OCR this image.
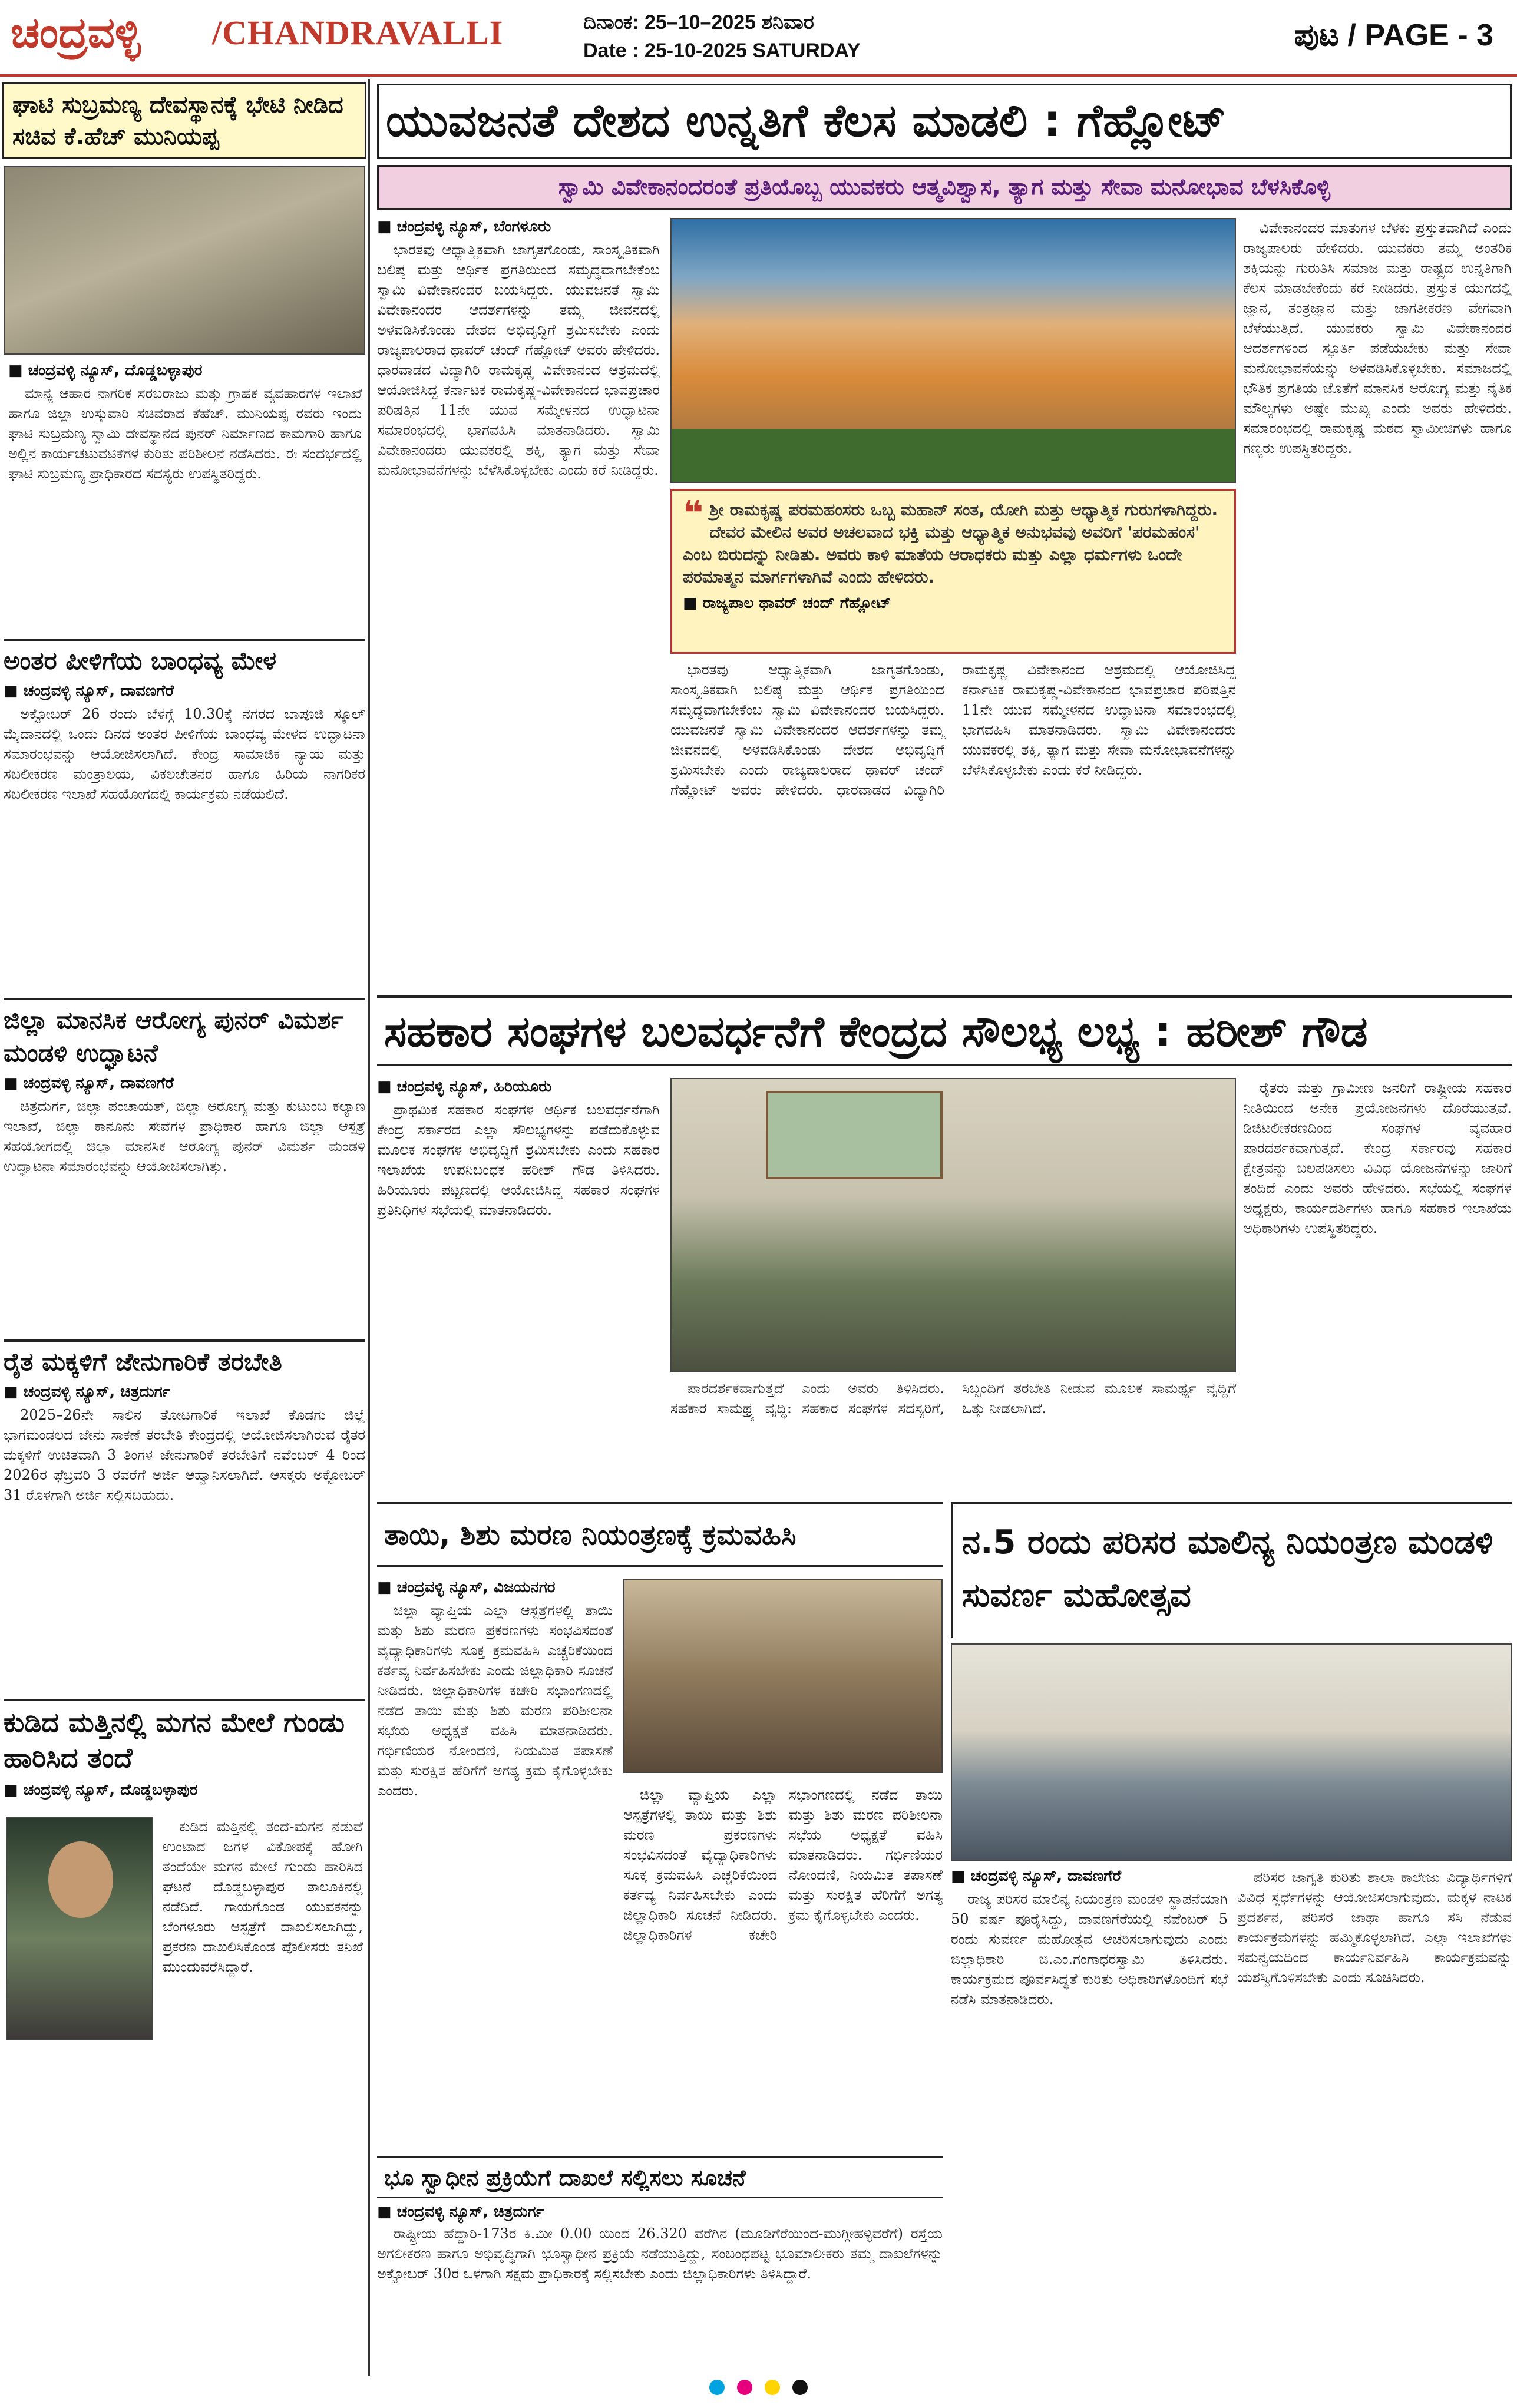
ಚಂದ್ರವಳ್ಳಿ /CHANDRAVALLI	ದಿನಾಂಕ: 25–10–2025 ಶನಿವಾರ
Date : 25-10-2025 SATURDAY	ಪುಟ / PAGE - 3
ಘಾಟಿ ಸುಬ್ರಮಣ್ಯ ದೇವಸ್ಥಾನಕ್ಕೆ ಭೇಟಿ ನೀಡಿದ ಸಚಿವ ಕೆ.ಹೆಚ್ ಮುನಿಯಪ್ಪ
■ ಚಂದ್ರವಳ್ಳಿ ನ್ಯೂಸ್, ದೊಡ್ಡಬಳ್ಳಾಪುರ

ಮಾನ್ಯ ಆಹಾರ ನಾಗರಿಕ ಸರಬರಾಜು ಮತ್ತು ಗ್ರಾಹಕ ವ್ಯವಹಾರಗಳ ಇಲಾಖೆ ಹಾಗೂ ಜಿಲ್ಲಾ ಉಸ್ತುವಾರಿ ಸಚಿವರಾದ ಕೆಹೆಚ್. ಮುನಿಯಪ್ಪ ರವರು ಇಂದು ಘಾಟಿ ಸುಬ್ರಮಣ್ಯ ಸ್ವಾಮಿ ದೇವಸ್ಥಾನದ ಪುನರ್ ನಿರ್ಮಾಣದ ಕಾಮಗಾರಿ ಹಾಗೂ ಅಲ್ಲಿನ ಕಾರ್ಯಚಟುವಟಿಕೆಗಳ ಕುರಿತು ಪರಿಶೀಲನೆ ನಡೆಸಿದರು. ಈ ಸಂದರ್ಭದಲ್ಲಿ ಘಾಟಿ ಸುಬ್ರಮಣ್ಯ ಪ್ರಾಧಿಕಾರದ ಸದಸ್ಯರು ಉಪಸ್ಥಿತರಿದ್ದರು.

ಅಂತರ ಪೀಳಿಗೆಯ ಬಾಂಧವ್ಯ ಮೇಳ
■ ಚಂದ್ರವಳ್ಳಿ ನ್ಯೂಸ್, ದಾವಣಗೆರೆ

ಅಕ್ಟೋಬರ್ 26 ರಂದು ಬೆಳಗ್ಗೆ 10.30ಕ್ಕೆ ನಗರದ ಬಾಪೂಜಿ ಸ್ಕೂಲ್ ಮೈದಾನದಲ್ಲಿ ಒಂದು ದಿನದ ಅಂತರ ಪೀಳಿಗೆಯ ಬಾಂಧವ್ಯ ಮೇಳದ ಉದ್ಘಾಟನಾ ಸಮಾರಂಭವನ್ನು ಆಯೋಜಿಸಲಾಗಿದೆ. ಕೇಂದ್ರ ಸಾಮಾಜಿಕ ನ್ಯಾಯ ಮತ್ತು ಸಬಲೀಕರಣ ಮಂತ್ರಾಲಯ, ವಿಕಲಚೇತನರ ಹಾಗೂ ಹಿರಿಯ ನಾಗರಿಕರ ಸಬಲೀಕರಣ ಇಲಾಖೆ ಸಹಯೋಗದಲ್ಲಿ ಕಾರ್ಯಕ್ರಮ ನಡೆಯಲಿದೆ.

ಜಿಲ್ಲಾ ಮಾನಸಿಕ ಆರೋಗ್ಯ ಪುನರ್ ವಿಮರ್ಶ ಮಂಡಳಿ ಉದ್ಘಾಟನೆ
■ ಚಂದ್ರವಳ್ಳಿ ನ್ಯೂಸ್, ದಾವಣಗೆರೆ

ಚಿತ್ರದುರ್ಗ, ಜಿಲ್ಲಾ ಪಂಚಾಯತ್, ಜಿಲ್ಲಾ ಆರೋಗ್ಯ ಮತ್ತು ಕುಟುಂಬ ಕಲ್ಯಾಣ ಇಲಾಖೆ, ಜಿಲ್ಲಾ ಕಾನೂನು ಸೇವೆಗಳ ಪ್ರಾಧಿಕಾರ ಹಾಗೂ ಜಿಲ್ಲಾ ಆಸ್ಪತ್ರೆ ಸಹಯೋಗದಲ್ಲಿ ಜಿಲ್ಲಾ ಮಾನಸಿಕ ಆರೋಗ್ಯ ಪುನರ್ ವಿಮರ್ಶ ಮಂಡಳಿ ಉದ್ಘಾಟನಾ ಸಮಾರಂಭವನ್ನು ಆಯೋಜಿಸಲಾಗಿತ್ತು.

ರೈತ ಮಕ್ಕಳಿಗೆ ಜೇನುಗಾರಿಕೆ ತರಬೇತಿ
■ ಚಂದ್ರವಳ್ಳಿ ನ್ಯೂಸ್, ಚಿತ್ರದುರ್ಗ

2025–26ನೇ ಸಾಲಿನ ತೋಟಗಾರಿಕೆ ಇಲಾಖೆ ಕೊಡಗು ಜಿಲ್ಲೆ ಭಾಗಮಂಡಲದ ಜೇನು ಸಾಕಣೆ ತರಬೇತಿ ಕೇಂದ್ರದಲ್ಲಿ ಆಯೋಜಿಸಲಾಗಿರುವ ರೈತರ ಮಕ್ಕಳಿಗೆ ಉಚಿತವಾಗಿ 3 ತಿಂಗಳ ಜೇನುಗಾರಿಕೆ ತರಬೇತಿಗೆ ನವೆಂಬರ್ 4 ರಿಂದ 2026ರ ಫೆಬ್ರವರಿ 3 ರವರೆಗೆ ಅರ್ಜಿ ಆಹ್ವಾನಿಸಲಾಗಿದೆ. ಆಸಕ್ತರು ಅಕ್ಟೋಬರ್ 31 ರೊಳಗಾಗಿ ಅರ್ಜಿ ಸಲ್ಲಿಸಬಹುದು.

ಕುಡಿದ ಮತ್ತಿನಲ್ಲಿ ಮಗನ ಮೇಲೆ ಗುಂಡು ಹಾರಿಸಿದ ತಂದೆ
■ ಚಂದ್ರವಳ್ಳಿ ನ್ಯೂಸ್, ದೊಡ್ಡಬಳ್ಳಾಪುರ

ಕುಡಿದ ಮತ್ತಿನಲ್ಲಿ ತಂದೆ-ಮಗನ ನಡುವೆ ಉಂಟಾದ ಜಗಳ ವಿಕೋಪಕ್ಕೆ ಹೋಗಿ ತಂದೆಯೇ ಮಗನ ಮೇಲೆ ಗುಂಡು ಹಾರಿಸಿದ ಘಟನೆ ದೊಡ್ಡಬಳ್ಳಾಪುರ ತಾಲೂಕಿನಲ್ಲಿ ನಡೆದಿದೆ. ಗಾಯಗೊಂಡ ಯುವಕನನ್ನು ಬೆಂಗಳೂರು ಆಸ್ಪತ್ರೆಗೆ ದಾಖಲಿಸಲಾಗಿದ್ದು, ಪ್ರಕರಣ ದಾಖಲಿಸಿಕೊಂಡ ಪೊಲೀಸರು ತನಿಖೆ ಮುಂದುವರೆಸಿದ್ದಾರೆ.

ಯುವಜನತೆ ದೇಶದ ಉನ್ನತಿಗೆ ಕೆಲಸ ಮಾಡಲಿ : ಗೆಹ್ಲೋಟ್
ಸ್ವಾಮಿ ವಿವೇಕಾನಂದರಂತೆ ಪ್ರತಿಯೊಬ್ಬ ಯುವಕರು ಆತ್ಮವಿಶ್ವಾಸ, ತ್ಯಾಗ ಮತ್ತು ಸೇವಾ ಮನೋಭಾವ ಬೆಳಸಿಕೊಳ್ಳಿ
■ ಚಂದ್ರವಳ್ಳಿ ನ್ಯೂಸ್, ಬೆಂಗಳೂರು

ಭಾರತವು ಆಧ್ಯಾತ್ಮಿಕವಾಗಿ ಜಾಗೃತಗೊಂಡು, ಸಾಂಸ್ಕೃತಿಕವಾಗಿ ಬಲಿಷ್ಠ ಮತ್ತು ಆರ್ಥಿಕ ಪ್ರಗತಿಯಿಂದ ಸಮೃದ್ಧವಾಗಬೇಕೆಂಬ ಸ್ವಾಮಿ ವಿವೇಕಾನಂದರ ಬಯಸಿದ್ದರು. ಯುವಜನತೆ ಸ್ವಾಮಿ ವಿವೇಕಾನಂದರ ಆದರ್ಶಗಳನ್ನು ತಮ್ಮ ಜೀವನದಲ್ಲಿ ಅಳವಡಿಸಿಕೊಂಡು ದೇಶದ ಅಭಿವೃದ್ಧಿಗೆ ಶ್ರಮಿಸಬೇಕು ಎಂದು ರಾಜ್ಯಪಾಲರಾದ ಥಾವರ್ ಚಂದ್ ಗೆಹ್ಲೋಟ್ ಅವರು ಹೇಳಿದರು. ಧಾರವಾಡದ ವಿದ್ಯಾಗಿರಿ ರಾಮಕೃಷ್ಣ ವಿವೇಕಾನಂದ ಆಶ್ರಮದಲ್ಲಿ ಆಯೋಜಿಸಿದ್ದ ಕರ್ನಾಟಕ ರಾಮಕೃಷ್ಣ-ವಿವೇಕಾನಂದ ಭಾವಪ್ರಚಾರ ಪರಿಷತ್ತಿನ 11ನೇ ಯುವ ಸಮ್ಮೇಳನದ ಉದ್ಘಾಟನಾ ಸಮಾರಂಭದಲ್ಲಿ ಭಾಗವಹಿಸಿ ಮಾತನಾಡಿದರು. ಸ್ವಾಮಿ ವಿವೇಕಾನಂದರು ಯುವಕರಲ್ಲಿ ಶಕ್ತಿ, ತ್ಯಾಗ ಮತ್ತು ಸೇವಾ ಮನೋಭಾವನೆಗಳನ್ನು ಬೆಳೆಸಿಕೊಳ್ಳಬೇಕು ಎಂದು ಕರೆ ನೀಡಿದ್ದರು.

❝ ಶ್ರೀ ರಾಮಕೃಷ್ಣ ಪರಮಹಂಸರು ಒಬ್ಬ ಮಹಾನ್ ಸಂತ, ಯೋಗಿ ಮತ್ತು ಆಧ್ಯಾತ್ಮಿಕ ಗುರುಗಳಾಗಿದ್ದರು. ದೇವರ ಮೇಲಿನ ಅವರ ಅಚಲವಾದ ಭಕ್ತಿ ಮತ್ತು ಆಧ್ಯಾತ್ಮಿಕ ಅನುಭವವು ಅವರಿಗೆ 'ಪರಮಹಂಸ' ಎಂಬ ಬಿರುದನ್ನು ನೀಡಿತು. ಅವರು ಕಾಳಿ ಮಾತೆಯ ಆರಾಧಕರು ಮತ್ತು ಎಲ್ಲಾ ಧರ್ಮಗಳು ಒಂದೇ ಪರಮಾತ್ಮನ ಮಾರ್ಗಗಳಾಗಿವೆ ಎಂದು ಹೇಳಿದರು.
■ ರಾಜ್ಯಪಾಲ ಥಾವರ್ ಚಂದ್ ಗೆಹ್ಲೋಟ್

ಭಾರತವು ಆಧ್ಯಾತ್ಮಿಕವಾಗಿ ಜಾಗೃತಗೊಂಡು, ಸಾಂಸ್ಕೃತಿಕವಾಗಿ ಬಲಿಷ್ಠ ಮತ್ತು ಆರ್ಥಿಕ ಪ್ರಗತಿಯಿಂದ ಸಮೃದ್ಧವಾಗಬೇಕೆಂಬ ಸ್ವಾಮಿ ವಿವೇಕಾನಂದರ ಬಯಸಿದ್ದರು. ಯುವಜನತೆ ಸ್ವಾಮಿ ವಿವೇಕಾನಂದರ ಆದರ್ಶಗಳನ್ನು ತಮ್ಮ ಜೀವನದಲ್ಲಿ ಅಳವಡಿಸಿಕೊಂಡು ದೇಶದ ಅಭಿವೃದ್ಧಿಗೆ ಶ್ರಮಿಸಬೇಕು ಎಂದು ರಾಜ್ಯಪಾಲರಾದ ಥಾವರ್ ಚಂದ್ ಗೆಹ್ಲೋಟ್ ಅವರು ಹೇಳಿದರು. ಧಾರವಾಡದ ವಿದ್ಯಾಗಿರಿ ರಾಮಕೃಷ್ಣ ವಿವೇಕಾನಂದ ಆಶ್ರಮದಲ್ಲಿ ಆಯೋಜಿಸಿದ್ದ ಕರ್ನಾಟಕ ರಾಮಕೃಷ್ಣ-ವಿವೇಕಾನಂದ ಭಾವಪ್ರಚಾರ ಪರಿಷತ್ತಿನ 11ನೇ ಯುವ ಸಮ್ಮೇಳನದ ಉದ್ಘಾಟನಾ ಸಮಾರಂಭದಲ್ಲಿ ಭಾಗವಹಿಸಿ ಮಾತನಾಡಿದರು. ಸ್ವಾಮಿ ವಿವೇಕಾನಂದರು ಯುವಕರಲ್ಲಿ ಶಕ್ತಿ, ತ್ಯಾಗ ಮತ್ತು ಸೇವಾ ಮನೋಭಾವನೆಗಳನ್ನು ಬೆಳೆಸಿಕೊಳ್ಳಬೇಕು ಎಂದು ಕರೆ ನೀಡಿದ್ದರು.

ವಿವೇಕಾನಂದರ ಮಾತುಗಳ ಬೆಳಕು ಪ್ರಸ್ತುತವಾಗಿದೆ ಎಂದು ರಾಜ್ಯಪಾಲರು ಹೇಳಿದರು. ಯುವಕರು ತಮ್ಮ ಅಂತರಿಕ ಶಕ್ತಿಯನ್ನು ಗುರುತಿಸಿ ಸಮಾಜ ಮತ್ತು ರಾಷ್ಟ್ರದ ಉನ್ನತಿಗಾಗಿ ಕೆಲಸ ಮಾಡಬೇಕೆಂದು ಕರೆ ನೀಡಿದರು. ಪ್ರಸ್ತುತ ಯುಗದಲ್ಲಿ ಜ್ಞಾನ, ತಂತ್ರಜ್ಞಾನ ಮತ್ತು ಜಾಗತೀಕರಣ ವೇಗವಾಗಿ ಬೆಳೆಯುತ್ತಿದೆ. ಯುವಕರು ಸ್ವಾಮಿ ವಿವೇಕಾನಂದರ ಆದರ್ಶಗಳಿಂದ ಸ್ಫೂರ್ತಿ ಪಡೆಯಬೇಕು ಮತ್ತು ಸೇವಾ ಮನೋಭಾವನೆಯನ್ನು ಅಳವಡಿಸಿಕೊಳ್ಳಬೇಕು. ಸಮಾಜದಲ್ಲಿ ಭೌತಿಕ ಪ್ರಗತಿಯ ಜೊತೆಗೆ ಮಾನಸಿಕ ಆರೋಗ್ಯ ಮತ್ತು ನೈತಿಕ ಮೌಲ್ಯಗಳು ಅಷ್ಟೇ ಮುಖ್ಯ ಎಂದು ಅವರು ಹೇಳಿದರು. ಸಮಾರಂಭದಲ್ಲಿ ರಾಮಕೃಷ್ಣ ಮಠದ ಸ್ವಾಮೀಜಿಗಳು ಹಾಗೂ ಗಣ್ಯರು ಉಪಸ್ಥಿತರಿದ್ದರು.

ಸಹಕಾರ ಸಂಘಗಳ ಬಲವರ್ಧನೆಗೆ ಕೇಂದ್ರದ ಸೌಲಭ್ಯ ಲಭ್ಯ : ಹರೀಶ್ ಗೌಡ
■ ಚಂದ್ರವಳ್ಳಿ ನ್ಯೂಸ್, ಹಿರಿಯೂರು

ಪ್ರಾಥಮಿಕ ಸಹಕಾರ ಸಂಘಗಳ ಆರ್ಥಿಕ ಬಲವರ್ಧನೆಗಾಗಿ ಕೇಂದ್ರ ಸರ್ಕಾರದ ಎಲ್ಲಾ ಸೌಲಭ್ಯಗಳನ್ನು ಪಡೆದುಕೊಳ್ಳುವ ಮೂಲಕ ಸಂಘಗಳ ಅಭಿವೃದ್ಧಿಗೆ ಶ್ರಮಿಸಬೇಕು ಎಂದು ಸಹಕಾರ ಇಲಾಖೆಯ ಉಪನಿಬಂಧಕ ಹರೀಶ್ ಗೌಡ ತಿಳಿಸಿದರು. ಹಿರಿಯೂರು ಪಟ್ಟಣದಲ್ಲಿ ಆಯೋಜಿಸಿದ್ದ ಸಹಕಾರ ಸಂಘಗಳ ಪ್ರತಿನಿಧಿಗಳ ಸಭೆಯಲ್ಲಿ ಮಾತನಾಡಿದರು.

ಪಾರದರ್ಶಕವಾಗುತ್ತದೆ ಎಂದು ಅವರು ತಿಳಿಸಿದರು. ಸಹಕಾರ ಸಾಮಥ್ರ್ಯ ವೃದ್ಧಿ: ಸಹಕಾರ ಸಂಘಗಳ ಸದಸ್ಯರಿಗೆ, ಸಿಬ್ಬಂದಿಗೆ ತರಬೇತಿ ನೀಡುವ ಮೂಲಕ ಸಾಮರ್ಥ್ಯ ವೃದ್ಧಿಗೆ ಒತ್ತು ನೀಡಲಾಗಿದೆ.

ರೈತರು ಮತ್ತು ಗ್ರಾಮೀಣ ಜನರಿಗೆ ರಾಷ್ಟ್ರೀಯ ಸಹಕಾರ ನೀತಿಯಿಂದ ಅನೇಕ ಪ್ರಯೋಜನಗಳು ದೊರೆಯುತ್ತವೆ. ಡಿಜಿಟಲೀಕರಣದಿಂದ ಸಂಘಗಳ ವ್ಯವಹಾರ ಪಾರದರ್ಶಕವಾಗುತ್ತದೆ. ಕೇಂದ್ರ ಸರ್ಕಾರವು ಸಹಕಾರ ಕ್ಷೇತ್ರವನ್ನು ಬಲಪಡಿಸಲು ವಿವಿಧ ಯೋಜನೆಗಳನ್ನು ಜಾರಿಗೆ ತಂದಿದೆ ಎಂದು ಅವರು ಹೇಳಿದರು. ಸಭೆಯಲ್ಲಿ ಸಂಘಗಳ ಅಧ್ಯಕ್ಷರು, ಕಾರ್ಯದರ್ಶಿಗಳು ಹಾಗೂ ಸಹಕಾರ ಇಲಾಖೆಯ ಅಧಿಕಾರಿಗಳು ಉಪಸ್ಥಿತರಿದ್ದರು.

ತಾಯಿ, ಶಿಶು ಮರಣ ನಿಯಂತ್ರಣಕ್ಕೆ ಕ್ರಮವಹಿಸಿ
■ ಚಂದ್ರವಳ್ಳಿ ನ್ಯೂಸ್, ವಿಜಯನಗರ

ಜಿಲ್ಲಾ ವ್ಯಾಪ್ತಿಯ ಎಲ್ಲಾ ಆಸ್ಪತ್ರೆಗಳಲ್ಲಿ ತಾಯಿ ಮತ್ತು ಶಿಶು ಮರಣ ಪ್ರಕರಣಗಳು ಸಂಭವಿಸದಂತೆ ವೈದ್ಯಾಧಿಕಾರಿಗಳು ಸೂಕ್ತ ಕ್ರಮವಹಿಸಿ ಎಚ್ಚರಿಕೆಯಿಂದ ಕರ್ತವ್ಯ ನಿರ್ವಹಿಸಬೇಕು ಎಂದು ಜಿಲ್ಲಾಧಿಕಾರಿ ಸೂಚನೆ ನೀಡಿದರು. ಜಿಲ್ಲಾಧಿಕಾರಿಗಳ ಕಚೇರಿ ಸಭಾಂಗಣದಲ್ಲಿ ನಡೆದ ತಾಯಿ ಮತ್ತು ಶಿಶು ಮರಣ ಪರಿಶೀಲನಾ ಸಭೆಯ ಅಧ್ಯಕ್ಷತೆ ವಹಿಸಿ ಮಾತನಾಡಿದರು. ಗರ್ಭಿಣಿಯರ ನೋಂದಣಿ, ನಿಯಮಿತ ತಪಾಸಣೆ ಮತ್ತು ಸುರಕ್ಷಿತ ಹೆರಿಗೆಗೆ ಅಗತ್ಯ ಕ್ರಮ ಕೈಗೊಳ್ಳಬೇಕು ಎಂದರು.	ಜಿಲ್ಲಾ ವ್ಯಾಪ್ತಿಯ ಎಲ್ಲಾ ಆಸ್ಪತ್ರೆಗಳಲ್ಲಿ ತಾಯಿ ಮತ್ತು ಶಿಶು ಮರಣ ಪ್ರಕರಣಗಳು ಸಂಭವಿಸದಂತೆ ವೈದ್ಯಾಧಿಕಾರಿಗಳು ಸೂಕ್ತ ಕ್ರಮವಹಿಸಿ ಎಚ್ಚರಿಕೆಯಿಂದ ಕರ್ತವ್ಯ ನಿರ್ವಹಿಸಬೇಕು ಎಂದು ಜಿಲ್ಲಾಧಿಕಾರಿ ಸೂಚನೆ ನೀಡಿದರು. ಜಿಲ್ಲಾಧಿಕಾರಿಗಳ ಕಚೇರಿ ಸಭಾಂಗಣದಲ್ಲಿ ನಡೆದ ತಾಯಿ ಮತ್ತು ಶಿಶು ಮರಣ ಪರಿಶೀಲನಾ ಸಭೆಯ ಅಧ್ಯಕ್ಷತೆ ವಹಿಸಿ ಮಾತನಾಡಿದರು. ಗರ್ಭಿಣಿಯರ ನೋಂದಣಿ, ನಿಯಮಿತ ತಪಾಸಣೆ ಮತ್ತು ಸುರಕ್ಷಿತ ಹೆರಿಗೆಗೆ ಅಗತ್ಯ ಕ್ರಮ ಕೈಗೊಳ್ಳಬೇಕು ಎಂದರು.

ಭೂ ಸ್ವಾಧೀನ ಪ್ರಕ್ರಿಯೆಗೆ ದಾಖಲೆ ಸಲ್ಲಿಸಲು ಸೂಚನೆ
■ ಚಂದ್ರವಳ್ಳಿ ನ್ಯೂಸ್, ಚಿತ್ರದುರ್ಗ

ರಾಷ್ಟ್ರೀಯ ಹೆದ್ದಾರಿ-173ರ ಕಿ.ಮೀ 0.00 ಯಿಂದ 26.320 ವರೆಗಿನ (ಮೂಡಿಗೆರೆಯಿಂದ-ಮುಗ್ಗೀಹಳ್ಳಿವರೆಗೆ) ರಸ್ತೆಯ ಅಗಲೀಕರಣ ಹಾಗೂ ಅಭಿವೃದ್ಧಿಗಾಗಿ ಭೂಸ್ವಾಧೀನ ಪ್ರಕ್ರಿಯೆ ನಡೆಯುತ್ತಿದ್ದು, ಸಂಬಂಧಪಟ್ಟ ಭೂಮಾಲೀಕರು ತಮ್ಮ ದಾಖಲೆಗಳನ್ನು ಅಕ್ಟೋಬರ್ 30ರ ಒಳಗಾಗಿ ಸಕ್ಷಮ ಪ್ರಾಧಿಕಾರಕ್ಕೆ ಸಲ್ಲಿಸಬೇಕು ಎಂದು ಜಿಲ್ಲಾಧಿಕಾರಿಗಳು ತಿಳಿಸಿದ್ದಾರೆ.

ನ.5 ರಂದು ಪರಿಸರ ಮಾಲಿನ್ಯ ನಿಯಂತ್ರಣ ಮಂಡಳಿ ಸುವರ್ಣ ಮಹೋತ್ಸವ
■ ಚಂದ್ರವಳ್ಳಿ ನ್ಯೂಸ್, ದಾವಣಗೆರೆ

ರಾಜ್ಯ ಪರಿಸರ ಮಾಲಿನ್ಯ ನಿಯಂತ್ರಣ ಮಂಡಳಿ ಸ್ಥಾಪನೆಯಾಗಿ 50 ವರ್ಷ ಪೂರೈಸಿದ್ದು, ದಾವಣಗೆರೆಯಲ್ಲಿ ನವೆಂಬರ್ 5 ರಂದು ಸುವರ್ಣ ಮಹೋತ್ಸವ ಆಚರಿಸಲಾಗುವುದು ಎಂದು ಜಿಲ್ಲಾಧಿಕಾರಿ ಜಿ.ಎಂ.ಗಂಗಾಧರಸ್ವಾಮಿ ತಿಳಿಸಿದರು. ಕಾರ್ಯಕ್ರಮದ ಪೂರ್ವಸಿದ್ಧತೆ ಕುರಿತು ಅಧಿಕಾರಿಗಳೊಂದಿಗೆ ಸಭೆ ನಡೆಸಿ ಮಾತನಾಡಿದರು.

ಪರಿಸರ ಜಾಗೃತಿ ಕುರಿತು ಶಾಲಾ ಕಾಲೇಜು ವಿದ್ಯಾರ್ಥಿಗಳಿಗೆ ವಿವಿಧ ಸ್ಪರ್ಧೆಗಳನ್ನು ಆಯೋಜಿಸಲಾಗುವುದು. ಮಕ್ಕಳ ನಾಟಕ ಪ್ರದರ್ಶನ, ಪರಿಸರ ಜಾಥಾ ಹಾಗೂ ಸಸಿ ನೆಡುವ ಕಾರ್ಯಕ್ರಮಗಳನ್ನು ಹಮ್ಮಿಕೊಳ್ಳಲಾಗಿದೆ. ಎಲ್ಲಾ ಇಲಾಖೆಗಳು ಸಮನ್ವಯದಿಂದ ಕಾರ್ಯನಿರ್ವಹಿಸಿ ಕಾರ್ಯಕ್ರಮವನ್ನು ಯಶಸ್ವಿಗೊಳಿಸಬೇಕು ಎಂದು ಸೂಚಿಸಿದರು.
